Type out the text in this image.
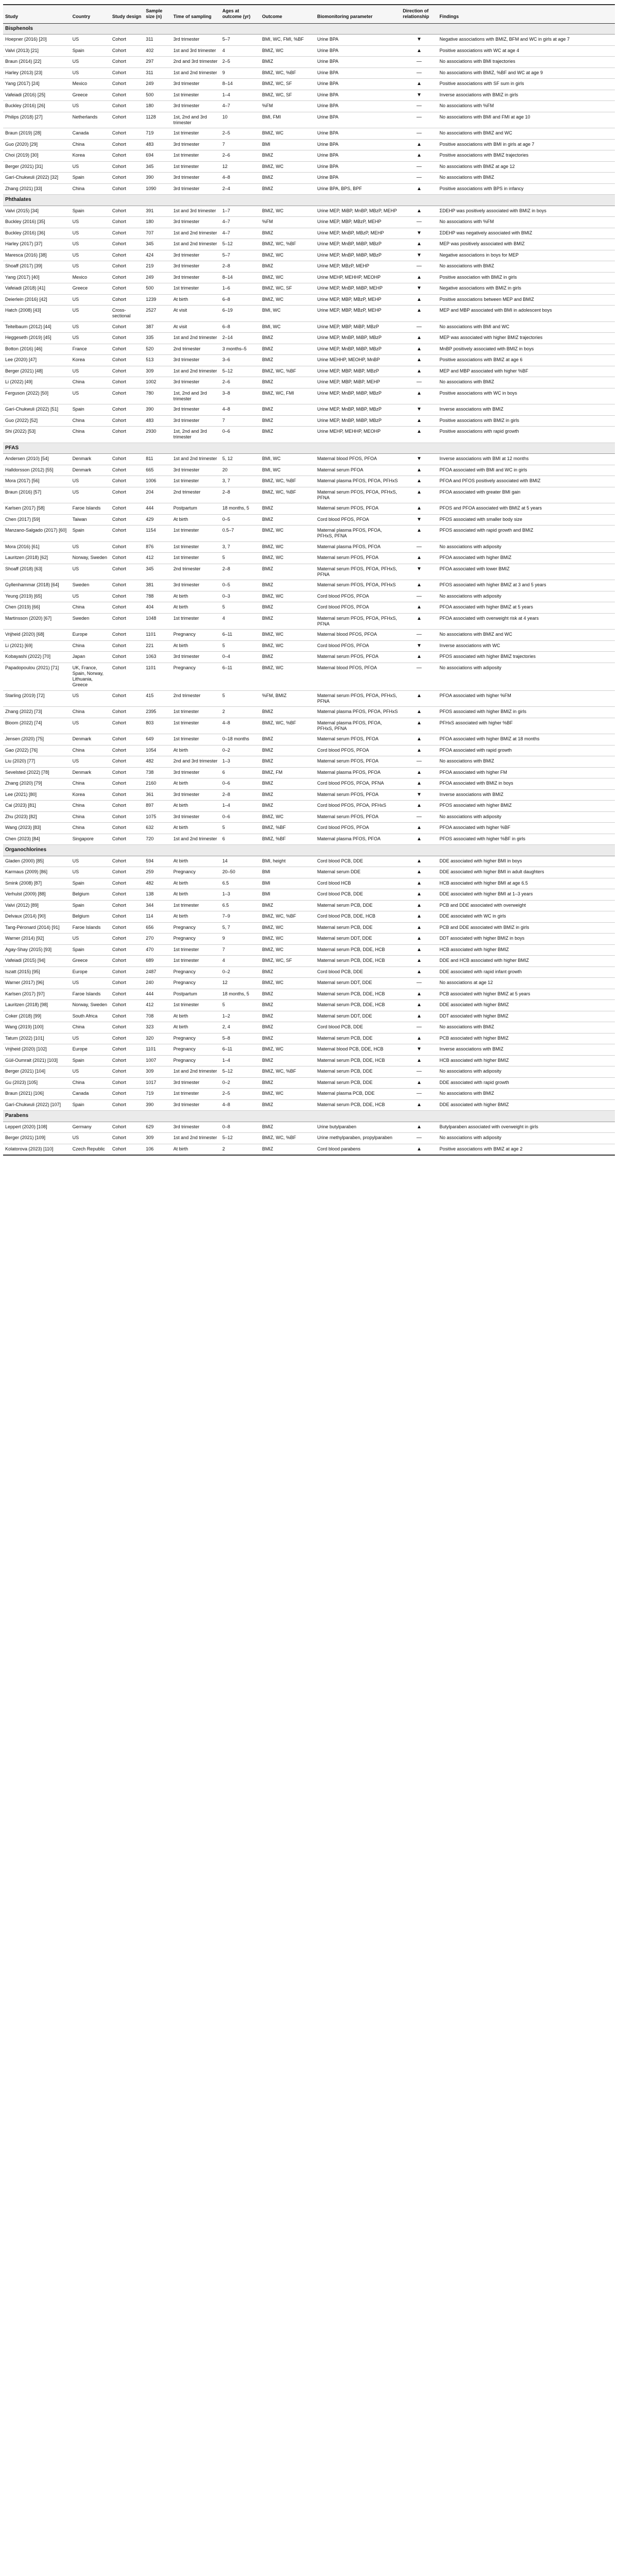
Study	Country	Study design	Sample size (n)	Time of sampling	Ages at outcome (yr)	Outcome	Biomonitoring parameter	Direction of relationship	Findings
Bisphenols									
Hoepner (2016) [20]	US	Cohort	311	3rd trimester	5–7	BMI, WC, FMI, %BF	Urine BPA	▼	Negative associations with BMIZ, BFM and WC in girls at age 7
Valvi (2013) [21]	Spain	Cohort	402	1st and 3rd trimester	4	BMIZ, WC	Urine BPA	▲	Positive associations with WC at age 4
Braun (2014) [22]	US	Cohort	297	2nd and 3rd trimester	2–5	BMIZ	Urine BPA	—	No associations with BMI trajectories
Harley (2013) [23]	US	Cohort	311	1st and 2nd trimester	9	BMIZ, WC, %BF	Urine BPA	—	No associations with BMIZ, %BF and WC at age 9
Yang (2017) [24]	Mexico	Cohort	249	3rd trimester	8–14	BMIZ, WC, SF	Urine BPA	▲	Positive associations with SF sum in girls
Vafeiadi (2016) [25]	Greece	Cohort	500	1st trimester	1–4	BMIZ, WC, SF	Urine BPA	▼	Inverse associations with BMIZ in girls
Buckley (2016) [26]	US	Cohort	180	3rd trimester	4–7	%FM	Urine BPA	—	No associations with %FM
Philips (2018) [27]	Netherlands	Cohort	1128	1st, 2nd and 3rd trimester	10	BMI, FMI	Urine BPA	—	No associations with BMI and FMI at age 10
Braun (2019) [28]	Canada	Cohort	719	1st trimester	2–5	BMIZ, WC	Urine BPA	—	No associations with BMIZ and WC
Guo (2020) [29]	China	Cohort	483	3rd trimester	7	BMI	Urine BPA	▲	Positive associations with BMI in girls at age 7
Choi (2019) [30]	Korea	Cohort	694	1st trimester	2–6	BMIZ	Urine BPA	▲	Positive associations with BMIZ trajectories
Berger (2021) [31]	US	Cohort	345	1st trimester	12	BMIZ, WC	Urine BPA	—	No associations with BMIZ at age 12
Garí-Chukwuli (2022) [32]	Spain	Cohort	390	3rd trimester	4–8	BMIZ	Urine BPA	—	No associations with BMIZ
Zhang (2021) [33]	China	Cohort	1090	3rd trimester	2–4	BMIZ	Urine BPA, BPS, BPF	▲	Positive associations with BPS in infancy
Phthalates									
Valvi (2015) [34]	Spain	Cohort	391	1st and 3rd trimester	1–7	BMIZ, WC	Urine MEP, MiBP, MnBP, MBzP, MEHP	▲	ΣDEHP was positively associated with BMIZ in boys
Buckley (2016) [35]	US	Cohort	180	3rd trimester	4–7	%FM	Urine MEP, MBP, MBzP, MEHP	—	No associations with %FM
Buckley (2016) [36]	US	Cohort	707	1st and 2nd trimester	4–7	BMIZ	Urine MEP, MnBP, MBzP, MEHP	▼	ΣDEHP was negatively associated with BMIZ
Harley (2017) [37]	US	Cohort	345	1st and 2nd trimester	5–12	BMIZ, WC, %BF	Urine MEP, MnBP, MiBP, MBzP	▲	MEP was positively associated with BMIZ
Maresca (2016) [38]	US	Cohort	424	3rd trimester	5–7	BMIZ, WC	Urine MEP, MnBP, MiBP, MBzP	▼	Negative associations in boys for MEP
Shoaff (2017) [39]	US	Cohort	219	3rd trimester	2–8	BMIZ	Urine MEP, MBzP, MEHP	—	No associations with BMIZ
Yang (2017) [40]	Mexico	Cohort	249	3rd trimester	8–14	BMIZ, WC	Urine MEHP, MEHHP, MEOHP	▲	Positive association with BMIZ in girls
Vafeiadi (2018) [41]	Greece	Cohort	500	1st trimester	1–6	BMIZ, WC, SF	Urine MEP, MnBP, MiBP, MEHP	▼	Negative associations with BMIZ in girls
Deierlein (2016) [42]	US	Cohort	1239	At birth	6–8	BMIZ, WC	Urine MEP, MBP, MBzP, MEHP	▲	Positive associations between MEP and BMIZ
Hatch (2008) [43]	US	Cross-sectional	2527	At visit	6–19	BMI, WC	Urine MEP, MBP, MBzP, MEHP	▲	MEP and MBP associated with BMI in adolescent boys
Teitelbaum (2012) [44]	US	Cohort	387	At visit	6–8	BMI, WC	Urine MEP, MBP, MiBP, MBzP	—	No associations with BMI and WC
Heggeseth (2019) [45]	US	Cohort	335	1st and 2nd trimester	2–14	BMIZ	Urine MEP, MnBP, MiBP, MBzP	▲	MEP was associated with higher BMIZ trajectories
Botton (2016) [46]	France	Cohort	520	2nd trimester	3 months–5	BMIZ	Urine MEP, MnBP, MiBP, MBzP	▲	MnBP positively associated with BMIZ in boys
Lee (2020) [47]	Korea	Cohort	513	3rd trimester	3–6	BMIZ	Urine MEHHP, MEOHP, MnBP	▲	Positive associations with BMIZ at age 6
Berger (2021) [48]	US	Cohort	309	1st and 2nd trimester	5–12	BMIZ, WC, %BF	Urine MEP, MBP, MiBP, MBzP	▲	MEP and MBP associated with higher %BF
Li (2022) [49]	China	Cohort	1002	3rd trimester	2–6	BMIZ	Urine MEP, MBP, MiBP, MEHP	—	No associations with BMIZ
Ferguson (2022) [50]	US	Cohort	780	1st, 2nd and 3rd trimester	3–8	BMIZ, WC, FMI	Urine MEP, MnBP, MiBP, MBzP	▲	Positive associations with WC in boys
Garí-Chukwuli (2022) [51]	Spain	Cohort	390	3rd trimester	4–8	BMIZ	Urine MEP, MnBP, MiBP, MBzP	▼	Inverse associations with BMIZ
Guo (2022) [52]	China	Cohort	483	3rd trimester	7	BMIZ	Urine MEP, MnBP, MiBP, MBzP	▲	Positive associations with BMIZ in girls
Shi (2022) [53]	China	Cohort	2930	1st, 2nd and 3rd trimester	0–6	BMIZ	Urine MEHP, MEHHP, MEOHP	▲	Positive associations with rapid growth
PFAS									
Andersen (2010) [54]	Denmark	Cohort	811	1st and 2nd trimester	5, 12	BMI, WC	Maternal blood PFOS, PFOA	▼	Inverse associations with BMI at 12 months
Halldorsson (2012) [55]	Denmark	Cohort	665	3rd trimester	20	BMI, WC	Maternal serum PFOA	▲	PFOA associated with BMI and WC in girls
Mora (2017) [56]	US	Cohort	1006	1st trimester	3, 7	BMIZ, WC, %BF	Maternal plasma PFOS, PFOA, PFHxS	▲	PFOA and PFOS positively associated with BMIZ
Braun (2016) [57]	US	Cohort	204	2nd trimester	2–8	BMIZ, WC, %BF	Maternal serum PFOS, PFOA, PFHxS, PFNA	▲	PFOA associated with greater BMI gain
Karlsen (2017) [58]	Faroe Islands	Cohort	444	Postpartum	18 months, 5	BMIZ	Maternal serum PFOS, PFOA	▲	PFOS and PFOA associated with BMIZ at 5 years
Chen (2017) [59]	Taiwan	Cohort	429	At birth	0–5	BMIZ	Cord blood PFOS, PFOA	▼	PFOS associated with smaller body size
Manzano-Salgado (2017) [60]	Spain	Cohort	1154	1st trimester	0.5–7	BMIZ, WC	Maternal plasma PFOS, PFOA, PFHxS, PFNA	▲	PFOS associated with rapid growth and BMIZ
Mora (2016) [61]	US	Cohort	876	1st trimester	3, 7	BMIZ, WC	Maternal plasma PFOS, PFOA	—	No associations with adiposity
Lauritzen (2018) [62]	Norway, Sweden	Cohort	412	1st trimester	5	BMIZ, WC	Maternal serum PFOS, PFOA	▲	PFOA associated with higher BMIZ
Shoaff (2018) [63]	US	Cohort	345	2nd trimester	2–8	BMIZ	Maternal serum PFOS, PFOA, PFHxS, PFNA	▼	PFOA associated with lower BMIZ
Gyllenhammar (2018) [64]	Sweden	Cohort	381	3rd trimester	0–5	BMIZ	Maternal serum PFOS, PFOA, PFHxS	▲	PFOS associated with higher BMIZ at 3 and 5 years
Yeung (2019) [65]	US	Cohort	788	At birth	0–3	BMIZ, WC	Cord blood PFOS, PFOA	—	No associations with adiposity
Chen (2019) [66]	China	Cohort	404	At birth	5	BMIZ	Cord blood PFOS, PFOA	▲	PFOA associated with higher BMIZ at 5 years
Martinsson (2020) [67]	Sweden	Cohort	1048	1st trimester	4	BMIZ	Maternal serum PFOS, PFOA, PFHxS, PFNA	▲	PFOA associated with overweight risk at 4 years
Vrijheid (2020) [68]	Europe	Cohort	1101	Pregnancy	6–11	BMIZ, WC	Maternal blood PFOS, PFOA	—	No associations with BMIZ and WC
Li (2021) [69]	China	Cohort	221	At birth	5	BMIZ, WC	Cord blood PFOS, PFOA	▼	Inverse associations with WC
Kobayashi (2022) [70]	Japan	Cohort	1063	3rd trimester	0–4	BMIZ	Maternal serum PFOS, PFOA	▲	PFOS associated with higher BMIZ trajectories
Papadopoulou (2021) [71]	UK, France, Spain, Norway, Lithuania, Greece	Cohort	1101	Pregnancy	6–11	BMIZ, WC	Maternal blood PFOS, PFOA	—	No associations with adiposity
Starling (2019) [72]	US	Cohort	415	2nd trimester	5	%FM, BMIZ	Maternal serum PFOS, PFOA, PFHxS, PFNA	▲	PFOA associated with higher %FM
Zhang (2022) [73]	China	Cohort	2395	1st trimester	2	BMIZ	Maternal plasma PFOS, PFOA, PFHxS	▲	PFOS associated with higher BMIZ in girls
Bloom (2022) [74]	US	Cohort	803	1st trimester	4–8	BMIZ, WC, %BF	Maternal plasma PFOS, PFOA, PFHxS, PFNA	▲	PFHxS associated with higher %BF
Jensen (2020) [75]	Denmark	Cohort	649	1st trimester	0–18 months	BMIZ	Maternal serum PFOS, PFOA	▲	PFOA associated with higher BMIZ at 18 months
Gao (2022) [76]	China	Cohort	1054	At birth	0–2	BMIZ	Cord blood PFOS, PFOA	▲	PFOA associated with rapid growth
Liu (2020) [77]	US	Cohort	482	2nd and 3rd trimester	1–3	BMIZ	Maternal serum PFOS, PFOA	—	No associations with BMIZ
Sevelsted (2022) [78]	Denmark	Cohort	738	3rd trimester	6	BMIZ, FM	Maternal plasma PFOS, PFOA	▲	PFOA associated with higher FM
Zhang (2020) [79]	China	Cohort	2160	At birth	0–6	BMIZ	Cord blood PFOS, PFOA, PFNA	▲	PFOA associated with BMIZ in boys
Lee (2021) [80]	Korea	Cohort	361	3rd trimester	2–8	BMIZ	Maternal serum PFOS, PFOA	▼	Inverse associations with BMIZ
Cai (2023) [81]	China	Cohort	897	At birth	1–4	BMIZ	Cord blood PFOS, PFOA, PFHxS	▲	PFOS associated with higher BMIZ
Zhu (2023) [82]	China	Cohort	1075	3rd trimester	0–6	BMIZ, WC	Maternal serum PFOS, PFOA	—	No associations with adiposity
Wang (2023) [83]	China	Cohort	632	At birth	5	BMIZ, %BF	Cord blood PFOS, PFOA	▲	PFOA associated with higher %BF
Chen (2023) [84]	Singapore	Cohort	720	1st and 2nd trimester	6	BMIZ, %BF	Maternal plasma PFOS, PFOA	▲	PFOS associated with higher %BF in girls
Organochlorines									
Gladen (2000) [85]	US	Cohort	594	At birth	14	BMI, height	Cord blood PCB, DDE	▲	DDE associated with higher BMI in boys
Karmaus (2009) [86]	US	Cohort	259	Pregnancy	20–50	BMI	Maternal serum DDE	▲	DDE associated with higher BMI in adult daughters
Smink (2008) [87]	Spain	Cohort	482	At birth	6.5	BMI	Cord blood HCB	▲	HCB associated with higher BMI at age 6.5
Verhulst (2009) [88]	Belgium	Cohort	138	At birth	1–3	BMI	Cord blood PCB, DDE	▲	DDE associated with higher BMI at 1–3 years
Valvi (2012) [89]	Spain	Cohort	344	1st trimester	6.5	BMIZ	Maternal serum PCB, DDE	▲	PCB and DDE associated with overweight
Delvaux (2014) [90]	Belgium	Cohort	114	At birth	7–9	BMIZ, WC, %BF	Cord blood PCB, DDE, HCB	▲	DDE associated with WC in girls
Tang-Péronard (2014) [91]	Faroe Islands	Cohort	656	Pregnancy	5, 7	BMIZ, WC	Maternal serum PCB, DDE	▲	PCB and DDE associated with BMIZ in girls
Warner (2014) [92]	US	Cohort	270	Pregnancy	9	BMIZ, WC	Maternal serum DDT, DDE	▲	DDT associated with higher BMIZ in boys
Agay-Shay (2015) [93]	Spain	Cohort	470	1st trimester	7	BMIZ, WC	Maternal serum PCB, DDE, HCB	▲	HCB associated with higher BMIZ
Vafeiadi (2015) [94]	Greece	Cohort	689	1st trimester	4	BMIZ, WC, SF	Maternal serum PCB, DDE, HCB	▲	DDE and HCB associated with higher BMIZ
Iszatt (2015) [95]	Europe	Cohort	2487	Pregnancy	0–2	BMIZ	Cord blood PCB, DDE	▲	DDE associated with rapid infant growth
Warner (2017) [96]	US	Cohort	240	Pregnancy	12	BMIZ, WC	Maternal serum DDT, DDE	—	No associations at age 12
Karlsen (2017) [97]	Faroe Islands	Cohort	444	Postpartum	18 months, 5	BMIZ	Maternal serum PCB, DDE, HCB	▲	PCB associated with higher BMIZ at 5 years
Lauritzen (2018) [98]	Norway, Sweden	Cohort	412	1st trimester	5	BMIZ	Maternal serum PCB, DDE, HCB	▲	DDE associated with higher BMIZ
Coker (2018) [99]	South Africa	Cohort	708	At birth	1–2	BMIZ	Maternal serum DDT, DDE	▲	DDT associated with higher BMIZ
Wang (2019) [100]	China	Cohort	323	At birth	2, 4	BMIZ	Cord blood PCB, DDE	—	No associations with BMIZ
Tatum (2022) [101]	US	Cohort	320	Pregnancy	5–8	BMIZ	Maternal serum PCB, DDE	▲	PCB associated with higher BMIZ
Vrijheid (2020) [102]	Europe	Cohort	1101	Pregnancy	6–11	BMIZ, WC	Maternal blood PCB, DDE, HCB	▼	Inverse associations with BMIZ
Güil-Oumrait (2021) [103]	Spain	Cohort	1007	Pregnancy	1–4	BMIZ	Maternal serum PCB, DDE, HCB	▲	HCB associated with higher BMIZ
Berger (2021) [104]	US	Cohort	309	1st and 2nd trimester	5–12	BMIZ, WC, %BF	Maternal serum PCB, DDE	—	No associations with adiposity
Gu (2023) [105]	China	Cohort	1017	3rd trimester	0–2	BMIZ	Maternal serum PCB, DDE	▲	DDE associated with rapid growth
Braun (2021) [106]	Canada	Cohort	719	1st trimester	2–5	BMIZ, WC	Maternal plasma PCB, DDE	—	No associations with BMIZ
Garí-Chukwuli (2022) [107]	Spain	Cohort	390	3rd trimester	4–8	BMIZ	Maternal serum PCB, DDE, HCB	▲	DDE associated with higher BMIZ
Parabens									
Leppert (2020) [108]	Germany	Cohort	629	3rd trimester	0–8	BMIZ	Urine butylparaben	▲	Butylparaben associated with overweight in girls
Berger (2021) [109]	US	Cohort	309	1st and 2nd trimester	5–12	BMIZ, WC, %BF	Urine methylparaben, propylparaben	—	No associations with adiposity
Kolatorova (2023) [110]	Czech Republic	Cohort	106	At birth	2	BMIZ	Cord blood parabens	▲	Positive associations with BMIZ at age 2
